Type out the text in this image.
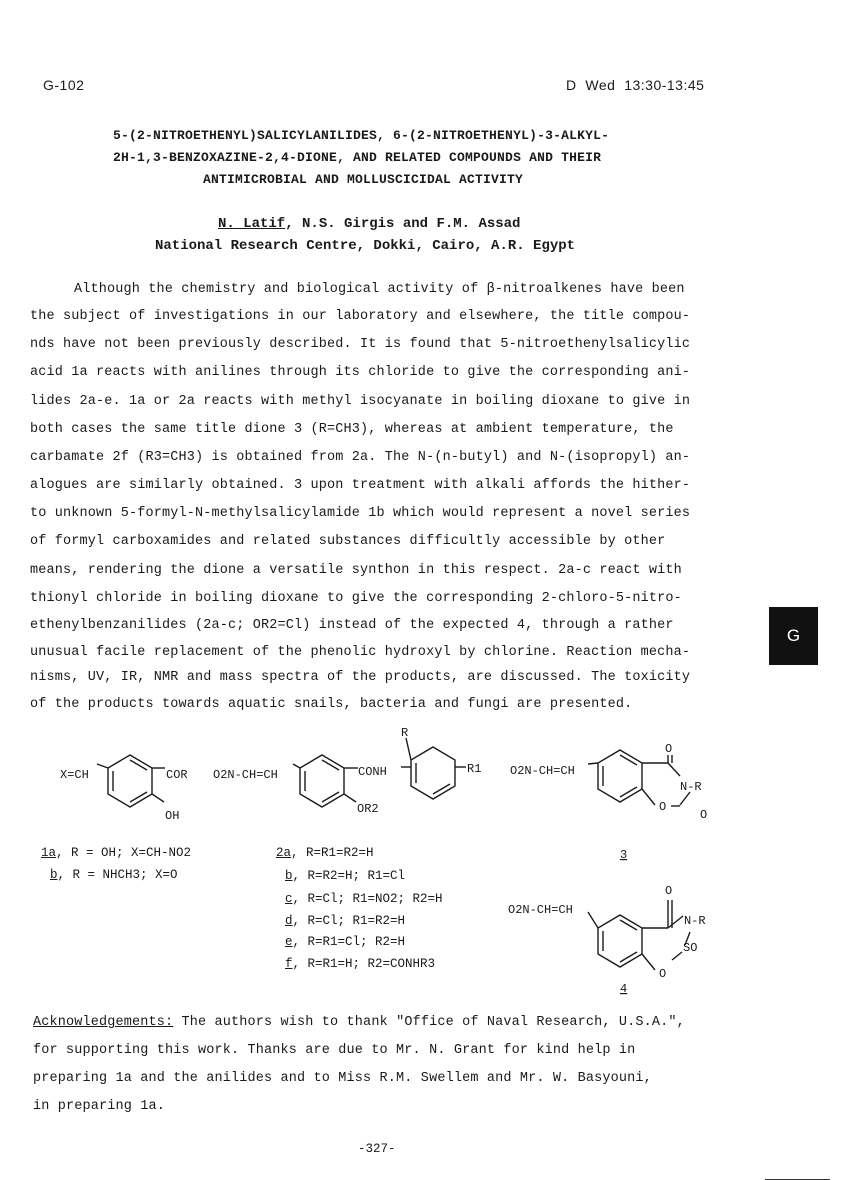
G-102	D  Wed  13:30-13:45
5-(2-NITROETHENYL)SALICYLANILIDES, 6-(2-NITROETHENYL)-3-ALKYL-
2H-1,3-BENZOXAZINE-2,4-DIONE, AND RELATED COMPOUNDS AND THEIR
ANTIMICROBIAL AND MOLLUSCICIDAL ACTIVITY
N. Latif, N.S. Girgis and F.M. Assad
National Research Centre, Dokki, Cairo, A.R. Egypt
Although the chemistry and biological activity of β-nitroalkenes have been
the subject of investigations in our laboratory and elsewhere, the title compou-
nds have not been previously described. It is found that 5-nitroethenylsalicylic
acid 1a reacts with anilines through its chloride to give the corresponding ani-
lides 2a-e. 1a or 2a reacts with methyl isocyanate in boiling dioxane to give in
both cases the same title dione 3 (R=CH3), whereas at ambient temperature, the
carbamate 2f (R3=CH3) is obtained from 2a. The N-(n-butyl) and N-(isopropyl) an-
alogues are similarly obtained. 3 upon treatment with alkali affords the hither-
to unknown 5-formyl-N-methylsalicylamide 1b which would represent a novel series
of formyl carboxamides and related substances difficultly accessible by other
means, rendering the dione a versatile synthon in this respect. 2a-c react with
thionyl chloride in boiling dioxane to give the corresponding 2-chloro-5-nitro-
ethenylbenzanilides (2a-c; OR2=Cl) instead of the expected 4, through a rather
unusual facile replacement of the phenolic hydroxyl by chlorine. Reaction mecha-
nisms, UV, IR, NMR and mass spectra of the products, are discussed. The toxicity
of the products towards aquatic snails, bacteria and fungi are presented.
G
X=CH	COR
OH
O2N-CH=CH	CONH
R
R1
OR2
O2N-CH=CH
O
N-R
O
O
3
O2N-CH=CH
O
N-R
O
SO
4
1a, R = OH; X=CH-NO2
b, R = NHCH3; X=O
2a, R=R1=R2=H
b, R=R2=H; R1=Cl
c, R=Cl; R1=NO2; R2=H
d, R=Cl; R1=R2=H
e, R=R1=Cl; R2=H
f, R=R1=H; R2=CONHR3
Acknowledgements: The authors wish to thank "Office of Naval Research, U.S.A.",
for supporting this work. Thanks are due to Mr. N. Grant for kind help in
preparing 1a and the anilides and to Miss R.M. Swellem and Mr. W. Basyouni,
in preparing 1a.
-327-
